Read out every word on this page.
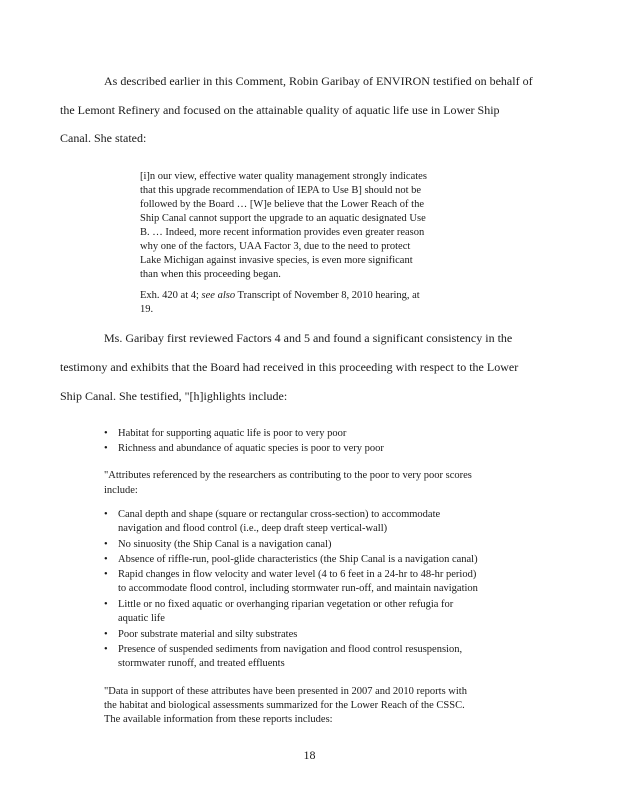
As described earlier in this Comment, Robin Garibay of ENVIRON testified on behalf of
the Lemont Refinery and focused on the attainable quality of aquatic life use in Lower Ship
Canal. She stated:
[i]n our view, effective water quality management strongly indicates
that this upgrade recommendation of IEPA to Use B] should not be
followed by the Board … [W]e believe that the Lower Reach of the
Ship Canal cannot support the upgrade to an aquatic designated Use
B. … Indeed, more recent information provides even greater reason
why one of the factors, UAA Factor 3, due to the need to protect
Lake Michigan against invasive species, is even more significant
than when this proceeding began.
Exh. 420 at 4; see also Transcript of November 8, 2010 hearing, at
19.
Ms. Garibay first reviewed Factors 4 and 5 and found a significant consistency in the
testimony and exhibits that the Board had received in this proceeding with respect to the Lower
Ship Canal. She testified, "[h]ighlights include:
• Habitat for supporting aquatic life is poor to very poor
• Richness and abundance of aquatic species is poor to very poor
"Attributes referenced by the researchers as contributing to the poor to very poor scores
include:
• Canal depth and shape (square or rectangular cross-section) to accommodate
navigation and flood control (i.e., deep draft steep vertical-wall)
• No sinuosity (the Ship Canal is a navigation canal)
• Absence of riffle-run, pool-glide characteristics (the Ship Canal is a navigation canal)
• Rapid changes in flow velocity and water level (4 to 6 feet in a 24-hr to 48-hr period)
to accommodate flood control, including stormwater run-off, and maintain navigation
• Little or no fixed aquatic or overhanging riparian vegetation or other refugia for
aquatic life
• Poor substrate material and silty substrates
• Presence of suspended sediments from navigation and flood control resuspension,
stormwater runoff, and treated effluents
"Data in support of these attributes have been presented in 2007 and 2010 reports with
the habitat and biological assessments summarized for the Lower Reach of the CSSC.
The available information from these reports includes:
18
